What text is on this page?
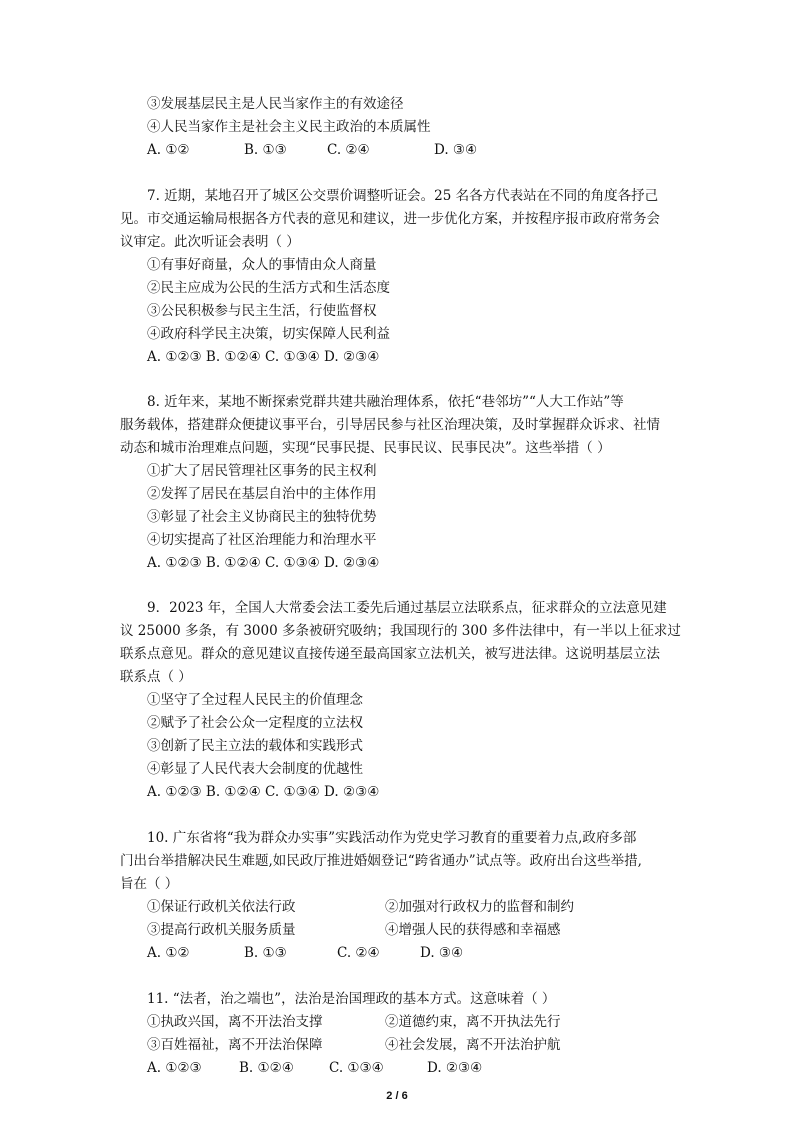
③发展基层民主是人民当家作主的有效途径
④人民当家作主是社会主义民主政治的本质属性
A. ①②	B. ①③	C. ②④	D. ③④
7. 近期，某地召开了城区公交票价调整听证会。25 名各方代表站在不同的角度各抒己
见。市交通运输局根据各方代表的意见和建议，进一步优化方案，并按程序报市政府常务会
议审定。此次听证会表明（ ）
①有事好商量，众人的事情由众人商量
②民主应成为公民的生活方式和生活态度
③公民积极参与民主生活，行使监督权
④政府科学民主决策，切实保障人民利益
A. ①②③ B. ①②④ C. ①③④ D. ②③④
8. 近年来，某地不断探索党群共建共融治理体系，依托“巷邻坊”“人大工作站”等
服务载体，搭建群众便捷议事平台，引导居民参与社区治理决策，及时掌握群众诉求、社情
动态和城市治理难点问题，实现“民事民提、民事民议、民事民决”。这些举措（ ）
①扩大了居民管理社区事务的民主权利
②发挥了居民在基层自治中的主体作用
③彰显了社会主义协商民主的独特优势
④切实提高了社区治理能力和治理水平
A. ①②③ B. ①②④ C. ①③④ D. ②③④
9．2023 年，全国人大常委会法工委先后通过基层立法联系点，征求群众的立法意见建
议 25000 多条，有 3000 多条被研究吸纳；我国现行的 300 多件法律中，有一半以上征求过
联系点意见。群众的意见建议直接传递至最高国家立法机关，被写进法律。这说明基层立法
联系点（ ）
①坚守了全过程人民民主的价值理念
②赋予了社会公众一定程度的立法权
③创新了民主立法的载体和实践形式
④彰显了人民代表大会制度的优越性
A. ①②③ B. ①②④ C. ①③④ D. ②③④
10. 广东省将“我为群众办实事”实践活动作为党史学习教育的重要着力点,政府多部
门出台举措解决民生难题,如民政厅推进婚姻登记“跨省通办”试点等。政府出台这些举措,
旨在（ ）
①保证行政机关依法行政	②加强对行政权力的监督和制约
③提高行政机关服务质量	④增强人民的获得感和幸福感
A. ①②	B. ①③	C. ②④	D. ③④
11. “法者，治之端也”，法治是治国理政的基本方式。这意味着（ ）
①执政兴国，离不开法治支撑	②道德约束，离不开执法先行
③百姓福祉，离不开法治保障	④社会发展，离不开法治护航
A. ①②③	B. ①②④	C. ①③④	D. ②③④
2 / 6
